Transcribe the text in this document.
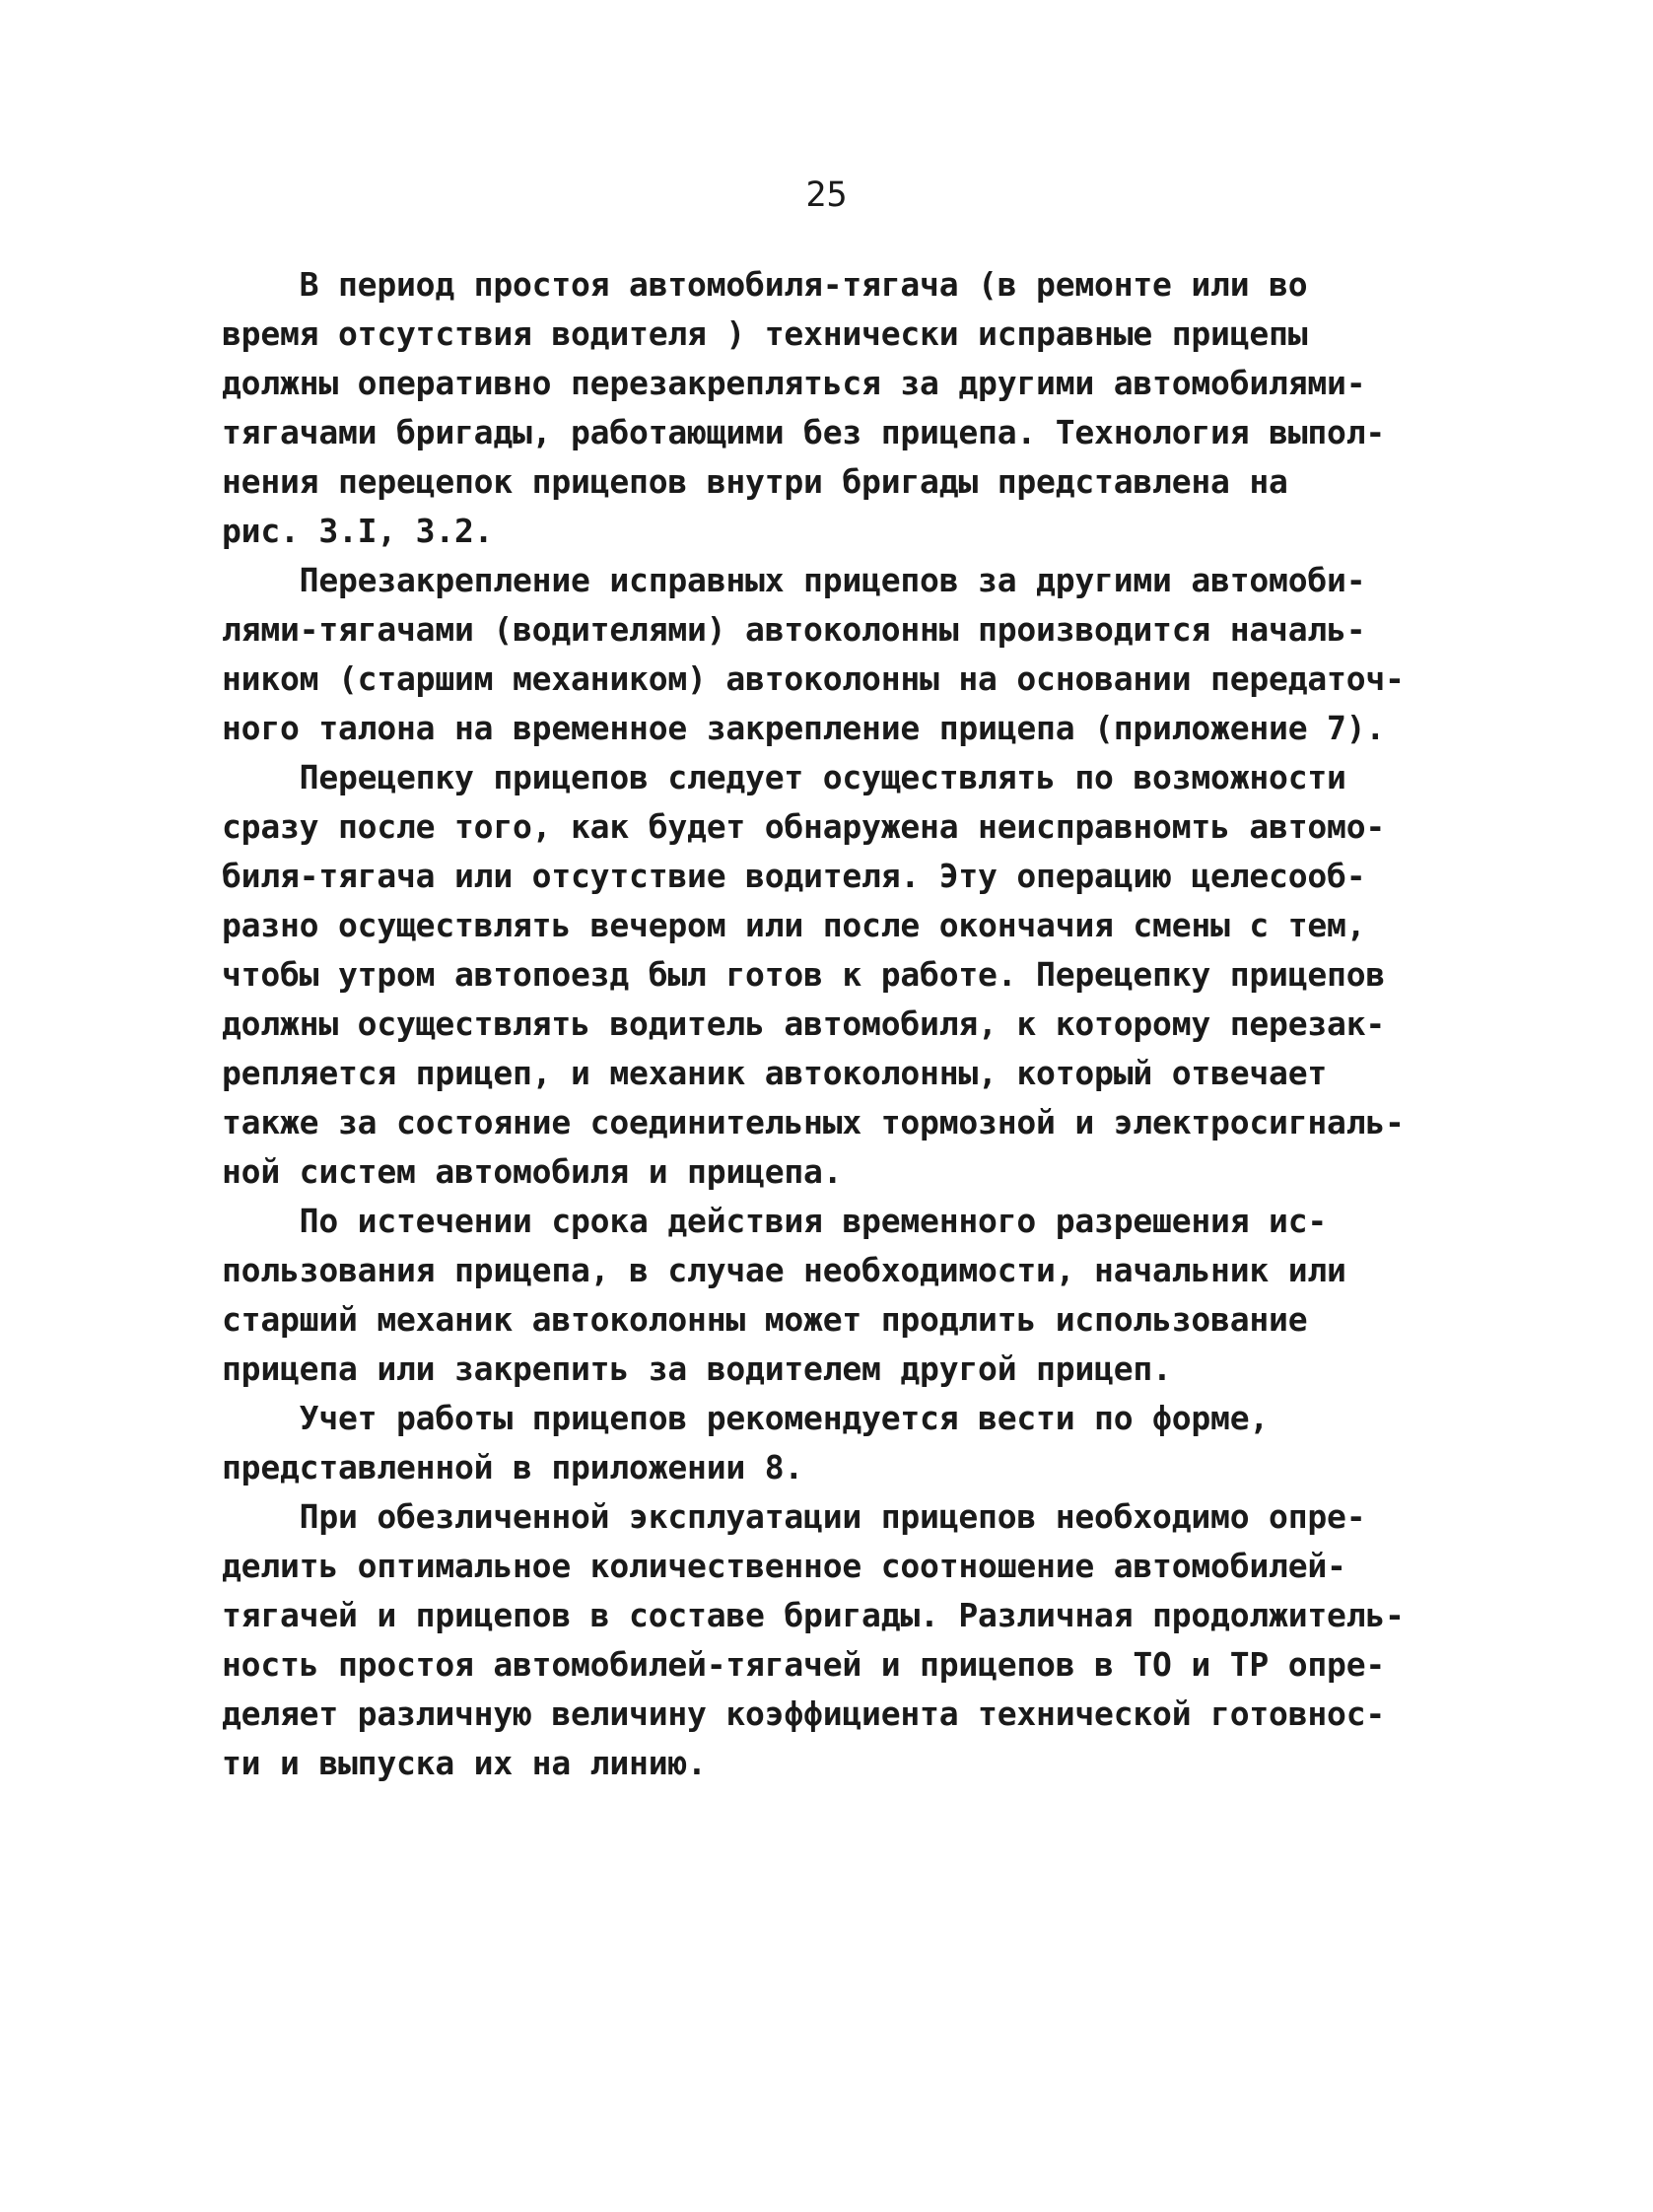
25
В период простоя автомобиля-тягача (в ремонте или во
время отсутствия водителя ) технически исправные прицепы
должны оперативно перезакрепляться за другими автомобилями-
тягачами бригады, работающими без прицепа. Технология выпол-
нения перецепок прицепов внутри бригады представлена на
рис. 3.I, 3.2.
Перезакрепление исправных прицепов за другими автомоби-
лями-тягачами (водителями) автоколонны производится началь-
ником (старшим механиком) автоколонны на основании передаточ-
ного талона на временное закрепление прицепа (приложение 7).
Перецепку прицепов следует осуществлять по возможности
сразу после того, как будет обнаружена неисправномть автомо-
биля-тягача или отсутствие водителя. Эту операцию целесооб-
разно осуществлять вечером или после окончачия смены с тем,
чтобы утром автопоезд был готов к работе. Перецепку прицепов
должны осуществлять водитель автомобиля, к которому перезак-
репляется прицеп, и механик автоколонны, который отвечает
также за состояние соединительных тормозной и электросигналь-
ной систем автомобиля и прицепа.
По истечении срока действия временного разрешения ис-
пользования прицепа, в случае необходимости, начальник или
старший механик автоколонны может продлить использование
прицепа или закрепить за водителем другой прицеп.
Учет работы прицепов рекомендуется вести по форме,
представленной в приложении 8.
При обезличенной эксплуатации прицепов необходимо опре-
делить оптимальное количественное соотношение автомобилей-
тягачей и прицепов в составе бригады. Различная продолжитель-
ность простоя автомобилей-тягачей и прицепов в ТО и ТР опре-
деляет различную величину коэффициента технической готовнос-
ти и выпуска их на линию.
